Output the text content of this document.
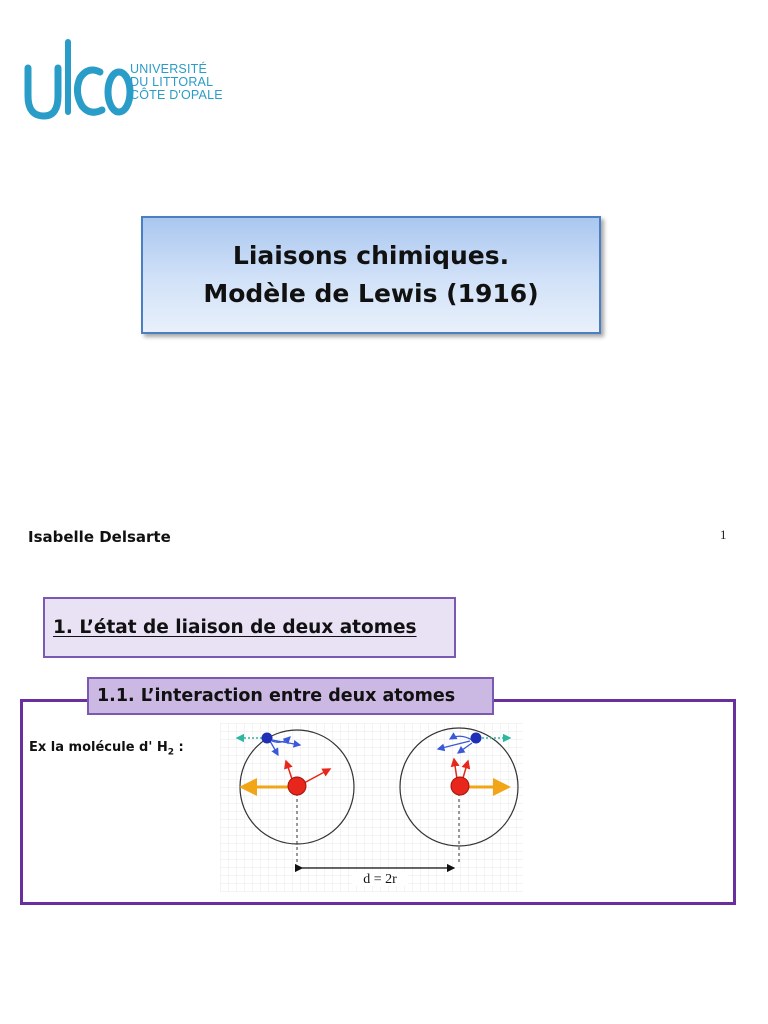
UNIVERSITÉ
DU LITTORAL
CÔTE D'OPALE
Liaisons chimiques.
Modèle de Lewis (1916)
Isabelle Delsarte	1
1. L’état de liaison de deux atomes
1.1. L’interaction entre deux atomes
Ex la molécule d' $H_2$ :
d = 2r
